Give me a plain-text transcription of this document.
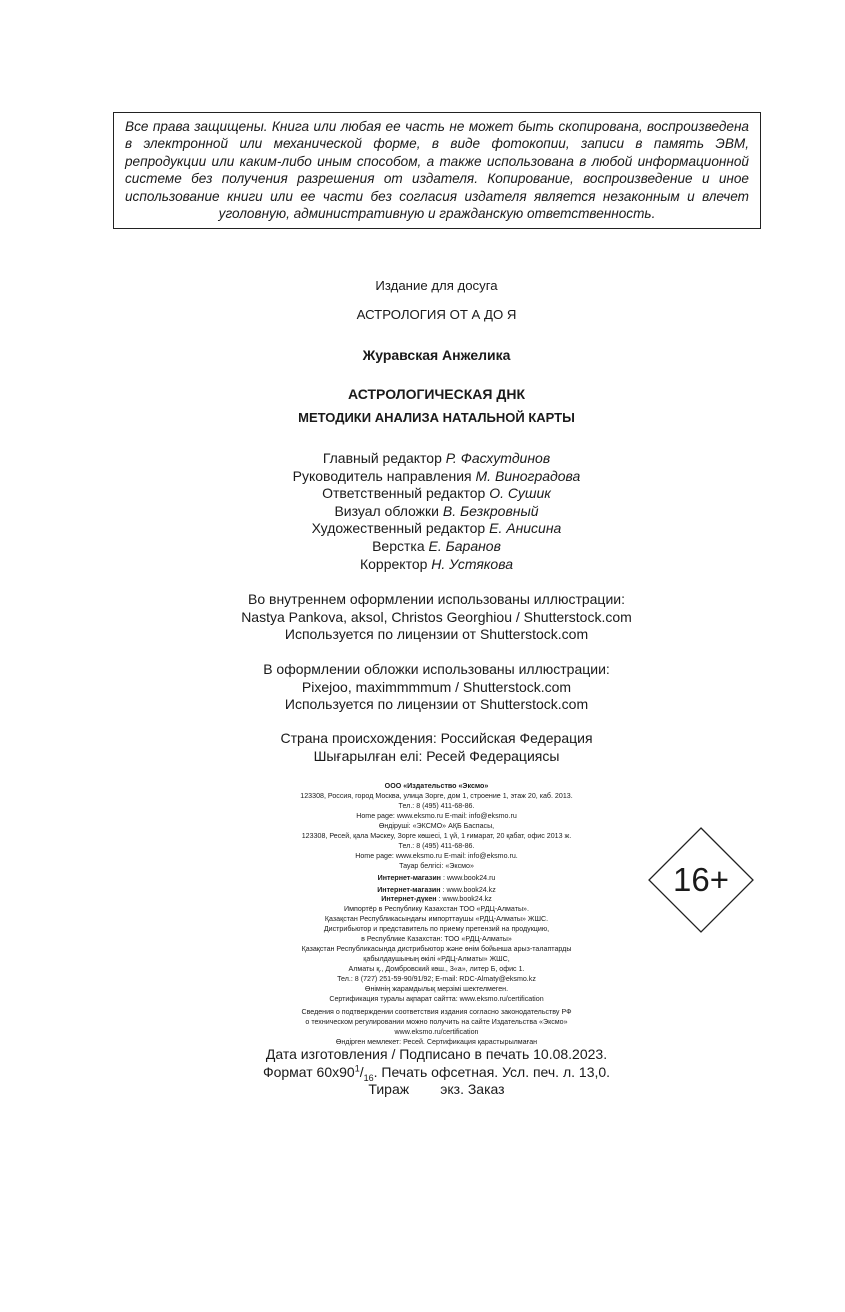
Все права защищены. Книга или любая ее часть не может быть скопирована, воспроизведена в электронной или механической форме, в виде фотокопии, записи в память ЭВМ, репродукции или каким-либо иным способом, а также использована в любой информационной системе без получения разрешения от издателя. Копирование, воспроизведение и иное использование книги или ее части без согласия издателя является незаконным и влечет уголовную, административную и гражданскую ответственность.
Издание для досуга
АСТРОЛОГИЯ ОТ А ДО Я
Журавская Анжелика
АСТРОЛОГИЧЕСКАЯ ДНК
МЕТОДИКИ АНАЛИЗА НАТАЛЬНОЙ КАРТЫ
Главный редактор Р. Фасхутдинов
Руководитель направления М. Виноградова
Ответственный редактор О. Сушик
Визуал обложки В. Безкровный
Художественный редактор Е. Анисина
Верстка Е. Баранов
Корректор Н. Устякова
Во внутреннем оформлении использованы иллюстрации:
Nastya Pankova, aksol, Christos Georghiou / Shutterstock.com
Используется по лицензии от Shutterstock.com
В оформлении обложки использованы иллюстрации:
Pixejoo, maximmmmum / Shutterstock.com
Используется по лицензии от Shutterstock.com
Страна происхождения: Российская Федерация
Шығарылған елі: Ресей Федерациясы
ООО «Издательство «Эксмо»
123308, Россия, город Москва, улица Зорге, дом 1, строение 1, этаж 20, каб. 2013.
Тел.: 8 (495) 411-68-86.
Home page: www.eksmo.ru E-mail: info@eksmo.ru
Өндіруші: «ЭКСМО» АҚБ Баспасы,
123308, Ресей, қала Мәскеу, Зорге көшесі, 1 үй, 1 ғимарат, 20 қабат, офис 2013 ж.
Тел.: 8 (495) 411-68-86.
Home page: www.eksmo.ru E-mail: info@eksmo.ru.
Тауар белгісі: «Эксмо»
Интернет-магазин : www.book24.ru
Интернет-магазин : www.book24.kz
Интернет-дүкен : www.book24.kz
Импортёр в Республику Казахстан ТОО «РДЦ-Алматы».
Қазақстан Республикасындағы импорттаушы «РДЦ-Алматы» ЖШС.
Дистрибьютор и представитель по приему претензий на продукцию,
в Республике Казахстан: ТОО «РДЦ-Алматы»
Қазақстан Республикасында дистрибьютор және өнім бойынша арыз-талаптарды
қабылдаушының өкілі «РДЦ-Алматы» ЖШС,
Алматы қ., Домбровский көш., 3«а», литер Б, офис 1.
Тел.: 8 (727) 251-59-90/91/92; E-mail: RDC-Almaty@eksmo.kz
Өнімнің жарамдылық мерзімі шектелмеген.
Сертификация туралы ақпарат сайтта: www.eksmo.ru/certification
Сведения о подтверждении соответствия издания согласно законодательству РФ
о техническом регулировании можно получить на сайте Издательства «Эксмо»
www.eksmo.ru/certification
Өндірген мемлекет: Ресей. Сертификация қарастырылмаған
16+
Дата изготовления / Подписано в печать 10.08.2023.
Формат $60x90^1/_{16}$. Печать офсетная. Усл. печ. л. 13,0.
Тираж        экз. Заказ
